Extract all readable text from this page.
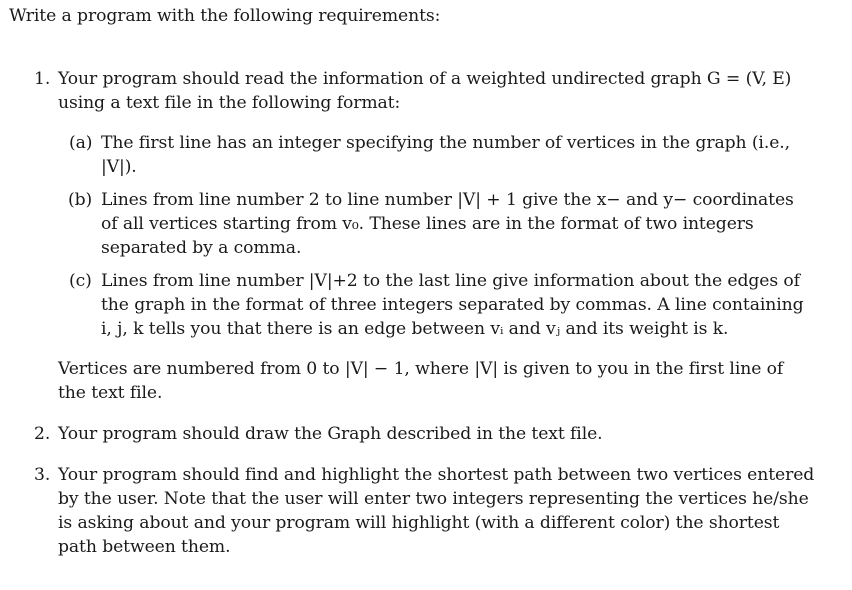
Write a program with the following requirements:
1. Your program should read the information of a weighted undirected graph G = (V, E)
using a text file in the following format:
(a) The first line has an integer specifying the number of vertices in the graph (i.e.,
|V|).
(b) Lines from line number 2 to line number |V| + 1 give the x− and y− coordinates
of all vertices starting from v₀. These lines are in the format of two integers
separated by a comma.
(c) Lines from line number |V|+2 to the last line give information about the edges of
the graph in the format of three integers separated by commas. A line containing
i, j, k tells you that there is an edge between vᵢ and vⱼ and its weight is k.
Vertices are numbered from 0 to |V| − 1, where |V| is given to you in the first line of
the text file.
2. Your program should draw the Graph described in the text file.
3. Your program should find and highlight the shortest path between two vertices entered
by the user. Note that the user will enter two integers representing the vertices he/she
is asking about and your program will highlight (with a different color) the shortest
path between them.
